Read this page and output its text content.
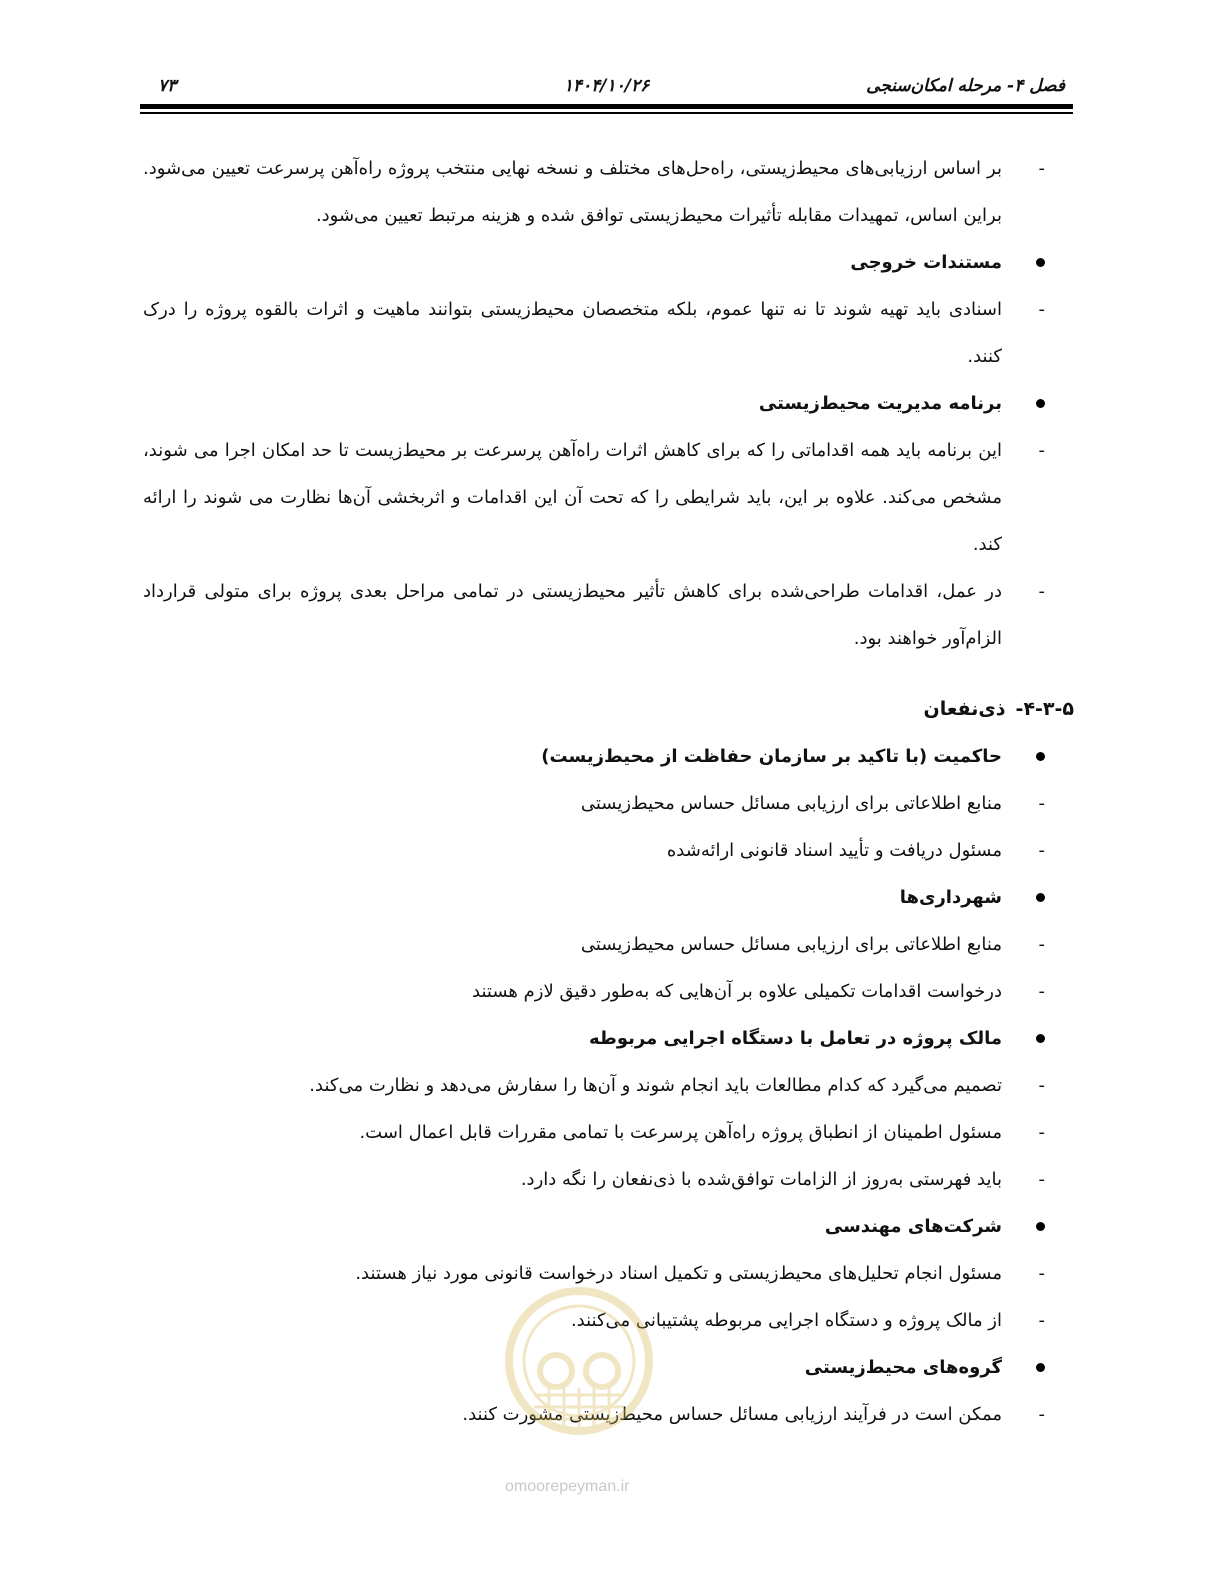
فصل ۴- مرحله امکان‌سنجی
۱۴۰۴/۱۰/۲۶
۷۳

-
بر اساس ارزیابی‌های محیط‌زیستی، راه‌حل‌های مختلف و نسخه نهایی منتخب پروژه راه‌آهن پرسرعت تعیین می‌شود. براین اساس، تمهیدات مقابله تأثیرات محیط‌زیستی توافق شده و هزینه مرتبط تعیین می‌شود.

مستندات خروجی

-
اسنادی باید تهیه شوند تا نه تنها عموم، بلکه متخصصان محیط‌زیستی بتوانند ماهیت و اثرات بالقوه پروژه را درک کنند.

برنامه مدیریت محیط‌زیستی

-
این برنامه باید همه اقداماتی را که برای کاهش اثرات راه‌آهن پرسرعت بر محیط‌زیست تا حد امکان اجرا می شوند، مشخص می‌کند. علاوه بر این، باید شرایطی را که تحت آن این اقدامات و اثربخشی آن‌ها نظارت می شوند را ارائه کند.

-
در عمل، اقدامات طراحی‌شده برای کاهش تأثیر محیط‌زیستی در تمامی مراحل بعدی پروژه برای متولی قرارداد الزام‌آور خواهند بود.

۴-۳-۵-ذی‌نفعان

حاکمیت (با تاکید بر سازمان حفاظت از محیط‌زیست)

-
منابع اطلاعاتی برای ارزیابی مسائل حساس محیط‌زیستی

-
مسئول دریافت و تأیید اسناد قانونی ارائه‌شده

شهرداری‌ها

-
منابع اطلاعاتی برای ارزیابی مسائل حساس محیط‌زیستی

-
درخواست اقدامات تکمیلی علاوه بر آن‌هایی که به‌طور دقیق لازم هستند

مالک پروژه در تعامل با دستگاه اجرایی مربوطه

-
تصمیم می‌گیرد که کدام مطالعات باید انجام شوند و آن‌ها را سفارش می‌دهد و نظارت می‌کند.

-
مسئول اطمینان از انطباق پروژه راه‌آهن پرسرعت با تمامی مقررات قابل اعمال است.

-
باید فهرستی به‌روز از الزامات توافق‌شده با ذی‌نفعان را نگه دارد.

شرکت‌های مهندسی

-
مسئول انجام تحلیل‌های محیط‌زیستی و تکمیل اسناد درخواست قانونی مورد نیاز هستند.

-
از مالک پروژه و دستگاه اجرایی مربوطه پشتیبانی می‌کنند.

گروه‌های محیط‌زیستی

-
ممکن است در فرآیند ارزیابی مسائل حساس محیط‌زیستی مشورت کنند.

omoorepeyman.ir
